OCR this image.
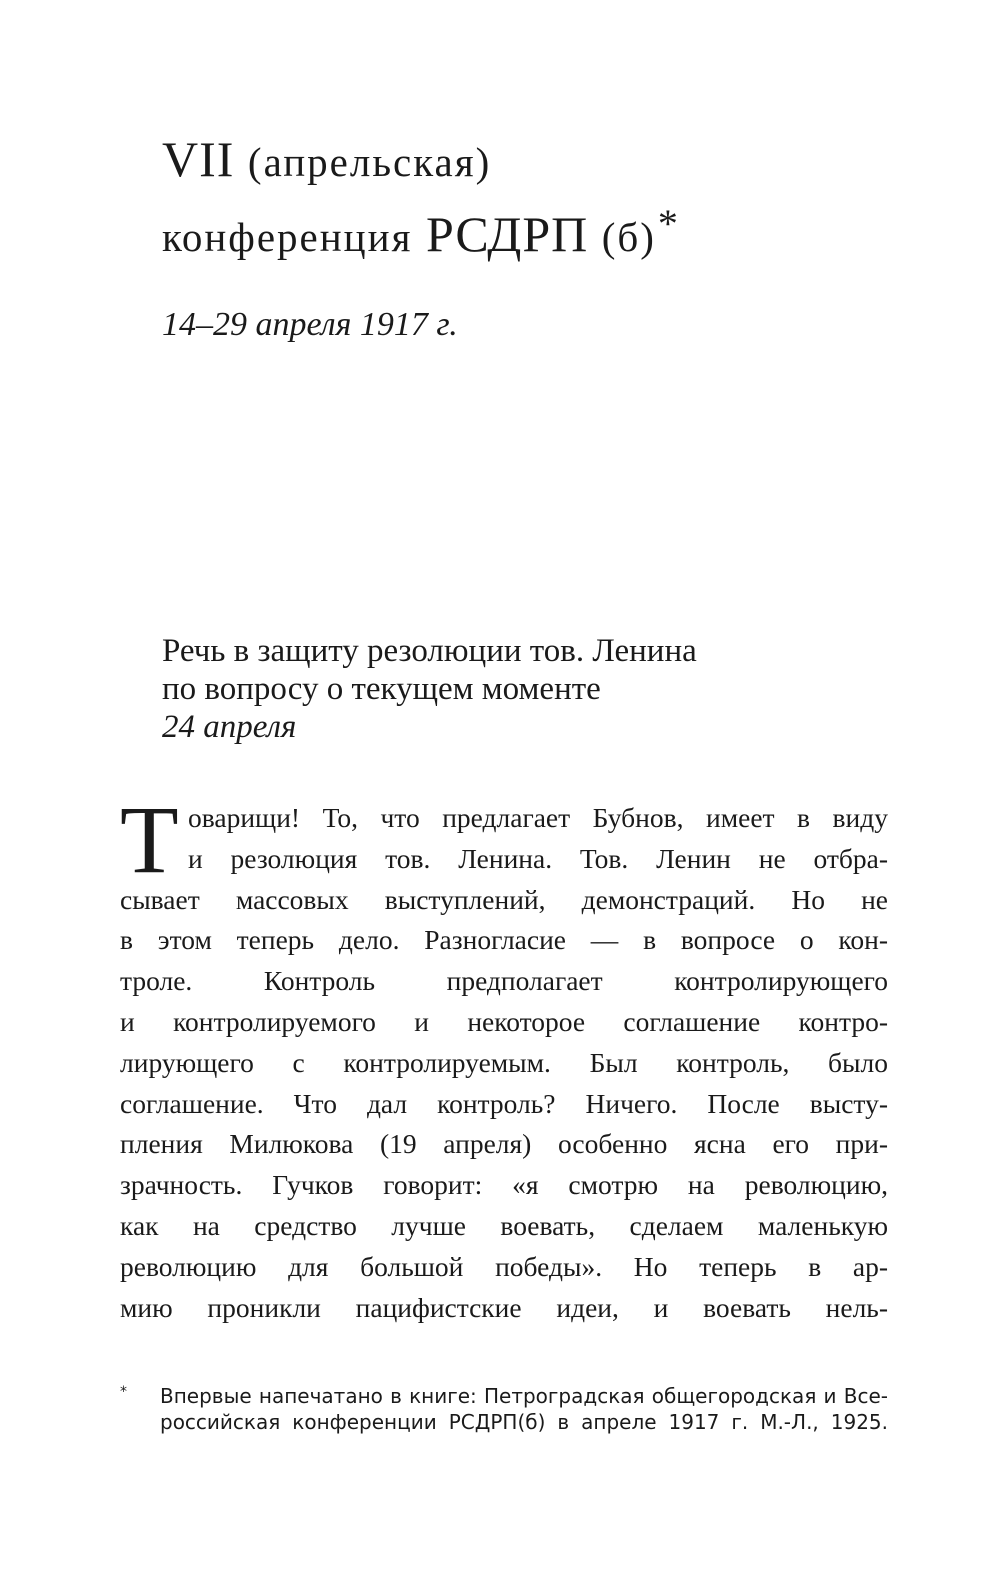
VII (апрельская)
конференция РСДРП (б)*

14–29 апреля 1917 г.

Речь в защиту резолюции тов. Ленина
по вопросу о текущем моменте
24 апреля
Т оварищи! То, что предлагает Бубнов, имеет в виду
и резолюция тов. Ленина. Тов. Ленин не отбра-
сывает массовых выступлений, демонстраций. Но не
в этом теперь дело. Разногласие — в вопросе о кон-
троле. Контроль предполагает контролирующего
и контролируемого и некоторое соглашение контро-
лирующего с контролируемым. Был контроль, было
соглашение. Что дал контроль? Ничего. После высту-
пления Милюкова (19 апреля) особенно ясна его при-
зрачность. Гучков говорит: «я смотрю на революцию,
как на средство лучше воевать, сделаем маленькую
революцию для большой победы». Но теперь в ар-
мию проникли пацифистские идеи, и воевать нель-
* Впервые напечатано в книге: Петроградская общегородская и Все-
российская конференции РСДРП(б) в апреле 1917 г. М.-Л., 1925.
